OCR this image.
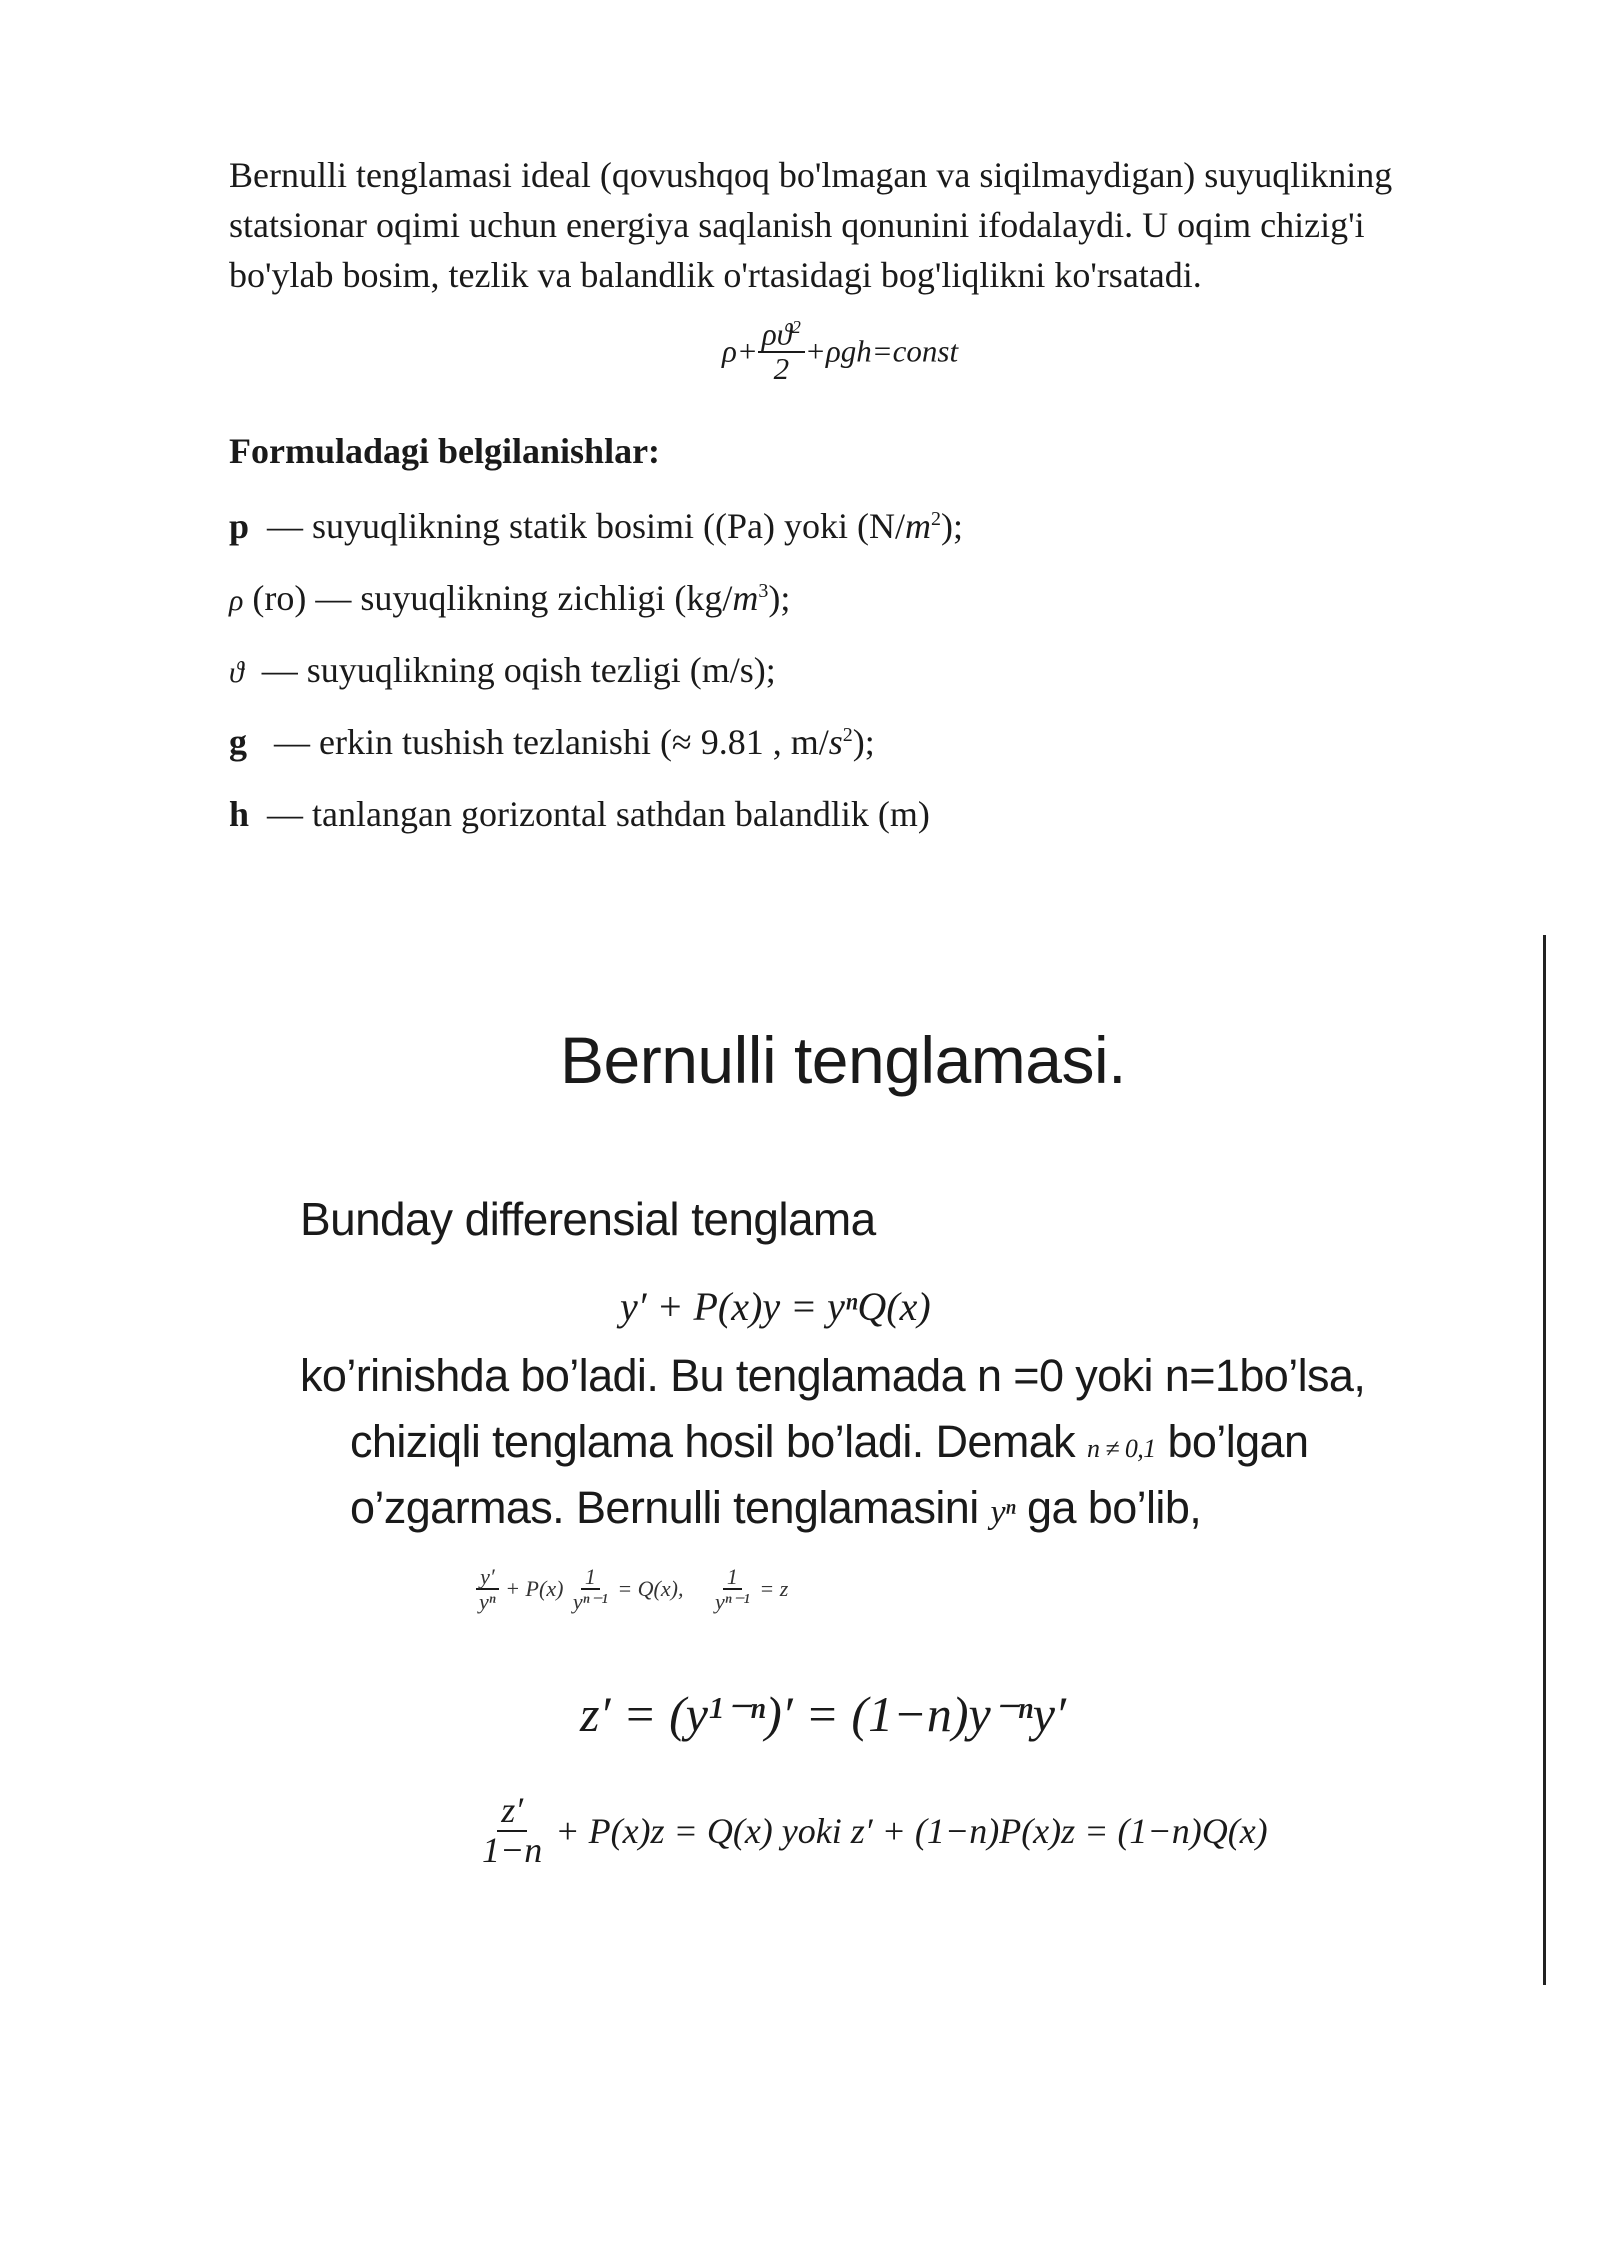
Bernulli tenglamasi ideal (qovushqoq bo'lmagan va siqilmaydigan) suyuqlikning statsionar oqimi uchun energiya saqlanish qonunini ifodalaydi. U oqim chizig'i bo'ylab bosim, tezlik va balandlik o'rtasidagi bog'liqlikni ko'rsatadi.

$\rho+ \frac{\rho ϑ^2}{2}$ +ρgh=const

Formuladagi belgilanishlar:

p  — suyuqlikning statik bosimi ((Pa) yoki $(N/m^2)$;
ρ (ro) — suyuqlikning zichligi $(kg/m^3)$;
ϑ  — suyuqlikning oqish tezligi (m/s);
g   — erkin tushish tezlanishi (≈ 9.81 , $m/s^2$);
h  — tanlangan gorizontal sathdan balandlik (m)
Bernulli tenglamasi.
Bunday differensial tenglama
y′ + P(x)y = yⁿQ(x)
ko’rinishda bo’ladi. Bu tenglamada n =0 yoki n=1bo’lsa,
chiziqli tenglama hosil bo’ladi. Demak n ≠ 0,1 bo’lgan
o’zgarmas. Bernulli tenglamasini yⁿ ga bo’lib,
$\frac{y'}{\text{yⁿ}} + P(x) \frac{1}{\text{yⁿ⁻¹}} = Q(x)$, $\frac{1}{\text{yⁿ⁻¹}} = z$
z′ = (y¹⁻ⁿ)′ = (1−n)y⁻ⁿy′
$\frac{z'}{1-n} + P(x)z = Q(x)$ yoki z′ + (1−n)P(x)z = (1−n)Q(x)
